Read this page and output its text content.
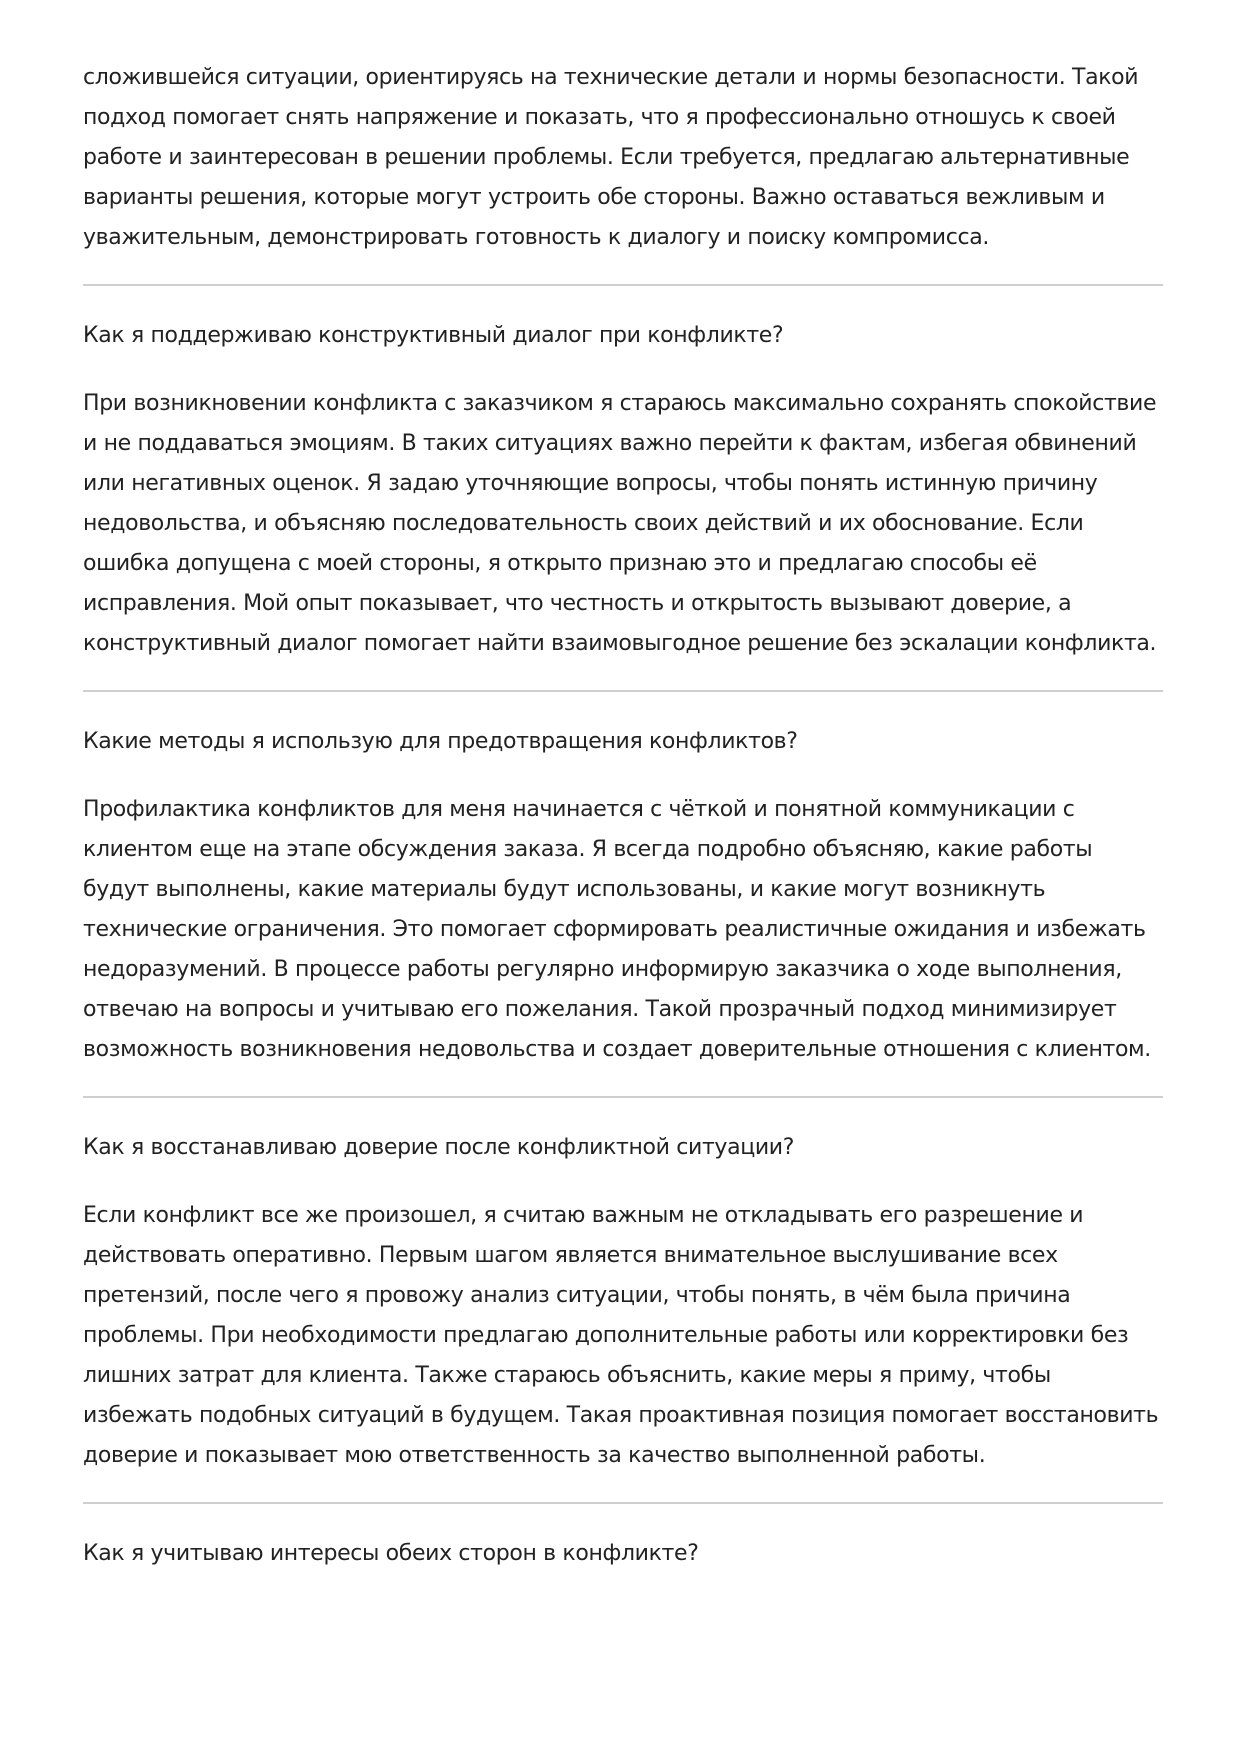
сложившейся ситуации, ориентируясь на технические детали и нормы безопасности. Такой подход помогает снять напряжение и показать, что я профессионально отношусь к своей работе и заинтересован в решении проблемы. Если требуется, предлагаю альтернативные варианты решения, которые могут устроить обе стороны. Важно оставаться вежливым и уважительным, демонстрировать готовность к диалогу и поиску компромисса.

Как я поддерживаю конструктивный диалог при конфликте?

При возникновении конфликта с заказчиком я стараюсь максимально сохранять спокойствие и не поддаваться эмоциям. В таких ситуациях важно перейти к фактам, избегая обвинений или негативных оценок. Я задаю уточняющие вопросы, чтобы понять истинную причину недовольства, и объясняю последовательность своих действий и их обоснование. Если ошибка допущена с моей стороны, я открыто признаю это и предлагаю способы её исправления. Мой опыт показывает, что честность и открытость вызывают доверие, а конструктивный диалог помогает найти взаимовыгодное решение без эскалации конфликта.

Какие методы я использую для предотвращения конфликтов?

Профилактика конфликтов для меня начинается с чёткой и понятной коммуникации с клиентом еще на этапе обсуждения заказа. Я всегда подробно объясняю, какие работы будут выполнены, какие материалы будут использованы, и какие могут возникнуть технические ограничения. Это помогает сформировать реалистичные ожидания и избежать недоразумений. В процессе работы регулярно информирую заказчика о ходе выполнения, отвечаю на вопросы и учитываю его пожелания. Такой прозрачный подход минимизирует возможность возникновения недовольства и создает доверительные отношения с клиентом.

Как я восстанавливаю доверие после конфликтной ситуации?

Если конфликт все же произошел, я считаю важным не откладывать его разрешение и действовать оперативно. Первым шагом является внимательное выслушивание всех претензий, после чего я провожу анализ ситуации, чтобы понять, в чём была причина проблемы. При необходимости предлагаю дополнительные работы или корректировки без лишних затрат для клиента. Также стараюсь объяснить, какие меры я приму, чтобы избежать подобных ситуаций в будущем. Такая проактивная позиция помогает восстановить доверие и показывает мою ответственность за качество выполненной работы.

Как я учитываю интересы обеих сторон в конфликте?
